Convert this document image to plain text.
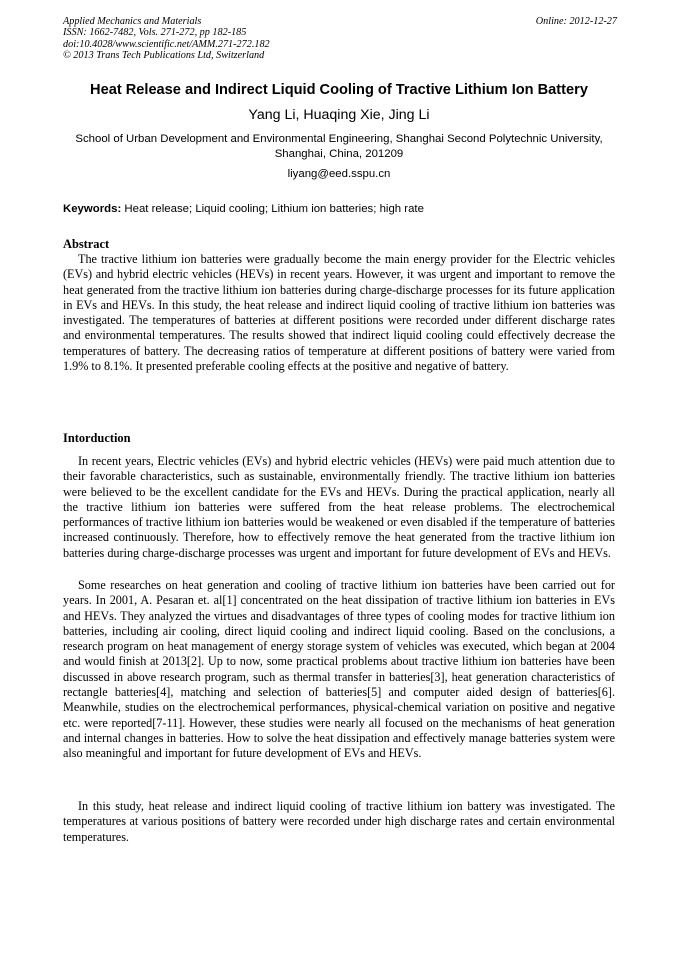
Applied Mechanics and Materials
ISSN: 1662-7482, Vols. 271-272, pp 182-185
doi:10.4028/www.scientific.net/AMM.271-272.182
© 2013 Trans Tech Publications Ltd, Switzerland
Online: 2012-12-27
Heat Release and Indirect Liquid Cooling of Tractive Lithium Ion Battery
Yang Li, Huaqing Xie, Jing Li
School of Urban Development and Environmental Engineering, Shanghai Second Polytechnic University, Shanghai, China, 201209
liyang@eed.sspu.cn
Keywords: Heat release; Liquid cooling; Lithium ion batteries; high rate
Abstract

The tractive lithium ion batteries were gradually become the main energy provider for the Electric vehicles (EVs) and hybrid electric vehicles (HEVs) in recent years. However, it was urgent and important to remove the heat generated from the tractive lithium ion batteries during charge-discharge processes for its future application in EVs and HEVs. In this study, the heat release and indirect liquid cooling of tractive lithium ion batteries was investigated. The temperatures of batteries at different positions were recorded under different discharge rates and environmental temperatures. The results showed that indirect liquid cooling could effectively decrease the temperatures of battery. The decreasing ratios of temperature at different positions of battery were varied from 1.9% to 8.1%. It presented preferable cooling effects at the positive and negative of battery.

Intorduction

In recent years, Electric vehicles (EVs) and hybrid electric vehicles (HEVs) were paid much attention due to their favorable characteristics, such as sustainable, environmentally friendly. The tractive lithium ion batteries were believed to be the excellent candidate for the EVs and HEVs. During the practical application, nearly all the tractive lithium ion batteries were suffered from the heat release problems. The electrochemical performances of tractive lithium ion batteries would be weakened or even disabled if the temperature of batteries increased continuously. Therefore, how to effectively remove the heat generated from the tractive lithium ion batteries during charge-discharge processes was urgent and important for future development of EVs and HEVs.

Some researches on heat generation and cooling of tractive lithium ion batteries have been carried out for years. In 2001, A. Pesaran et. al[1] concentrated on the heat dissipation of tractive lithium ion batteries in EVs and HEVs. They analyzed the virtues and disadvantages of three types of cooling modes for tractive lithium ion batteries, including air cooling, direct liquid cooling and indirect liquid cooling. Based on the conclusions, a research program on heat management of energy storage system of vehicles was executed, which began at 2004 and would finish at 2013[2]. Up to now, some practical problems about tractive lithium ion batteries have been discussed in above research program, such as thermal transfer in batteries[3], heat generation characteristics of rectangle batteries[4], matching and selection of batteries[5] and computer aided design of batteries[6]. Meanwhile, studies on the electrochemical performances, physical-chemical variation on positive and negative etc. were reported[7-11]. However, these studies were nearly all focused on the mechanisms of heat generation and internal changes in batteries. How to solve the heat dissipation and effectively manage batteries system were also meaningful and important for future development of EVs and HEVs.

In this study, heat release and indirect liquid cooling of tractive lithium ion battery was investigated. The temperatures at various positions of battery were recorded under high discharge rates and certain environmental temperatures.
